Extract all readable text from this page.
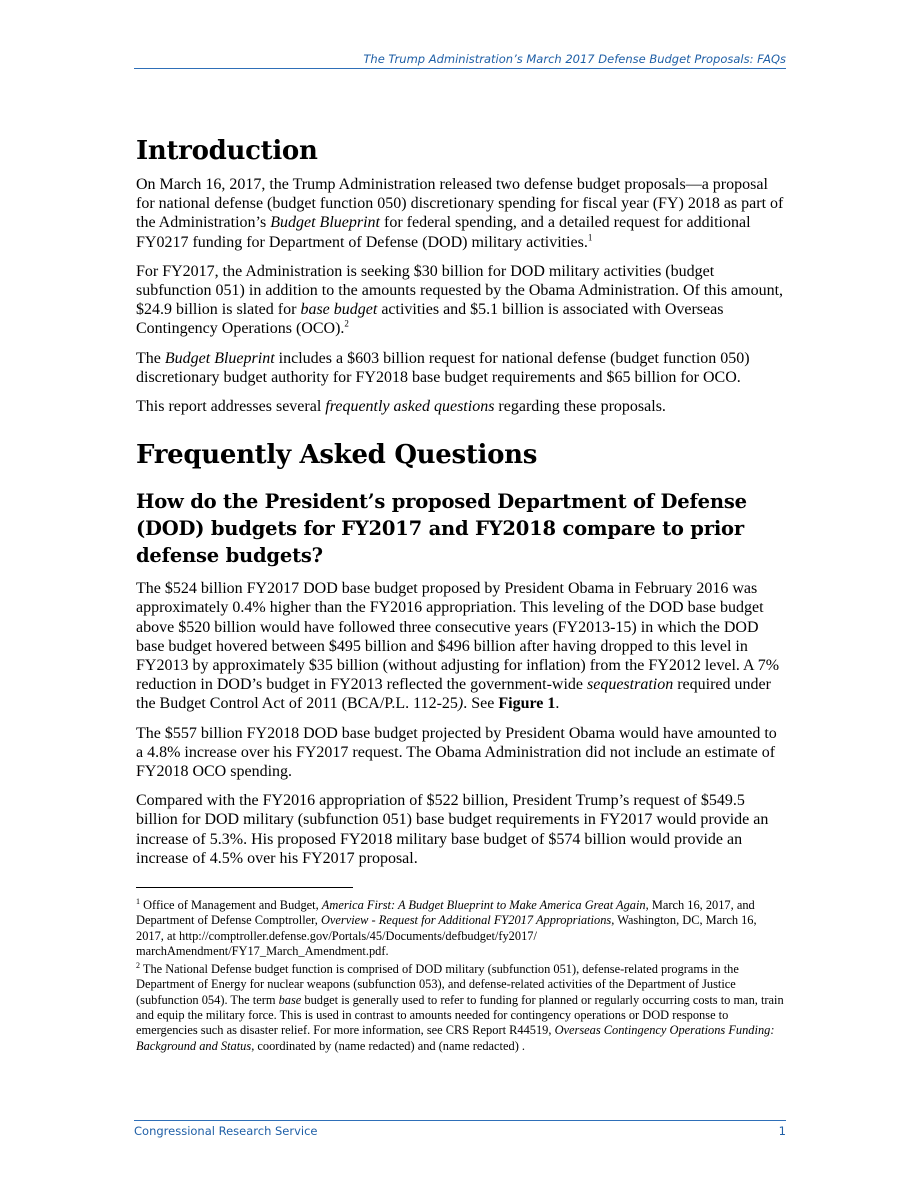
The Trump Administration’s March 2017 Defense Budget Proposals: FAQs
Introduction

On March 16, 2017, the Trump Administration released two defense budget proposals—a proposal for national defense (budget function 050) discretionary spending for fiscal year (FY) 2018 as part of the Administration’s Budget Blueprint for federal spending, and a detailed request for additional FY0217 funding for Department of Defense (DOD) military activities.$^1$

For FY2017, the Administration is seeking $30 billion for DOD military activities (budget subfunction 051) in addition to the amounts requested by the Obama Administration. Of this amount, $24.9 billion is slated for base budget activities and $5.1 billion is associated with Overseas Contingency Operations (OCO).$^2$

The Budget Blueprint includes a $603 billion request for national defense (budget function 050) discretionary budget authority for FY2018 base budget requirements and $65 billion for OCO.

This report addresses several frequently asked questions regarding these proposals.

Frequently Asked Questions
How do the President’s proposed Department of Defense (DOD) budgets for FY2017 and FY2018 compare to prior defense budgets?

The $524 billion FY2017 DOD base budget proposed by President Obama in February 2016 was approximately 0.4% higher than the FY2016 appropriation. This leveling of the DOD base budget above $520 billion would have followed three consecutive years (FY2013-15) in which the DOD base budget hovered between $495 billion and $496 billion after having dropped to this level in FY2013 by approximately $35 billion (without adjusting for inflation) from the FY2012 level. A 7% reduction in DOD’s budget in FY2013 reflected the government-wide sequestration required under the Budget Control Act of 2011 (BCA/P.L. 112-25). See Figure 1.

The $557 billion FY2018 DOD base budget projected by President Obama would have amounted to a 4.8% increase over his FY2017 request. The Obama Administration did not include an estimate of FY2018 OCO spending.

Compared with the FY2016 appropriation of $522 billion, President Trump’s request of $549.5 billion for DOD military (subfunction 051) base budget requirements in FY2017 would provide an increase of 5.3%. His proposed FY2018 military base budget of $574 billion would provide an increase of 4.5% over his FY2017 proposal.

$^1$ Office of Management and Budget, America First: A Budget Blueprint to Make America Great Again, March 16, 2017, and Department of Defense Comptroller, Overview - Request for Additional FY2017 Appropriations, Washington, DC, March 16, 2017, at http://comptroller.defense.gov/Portals/45/Documents/defbudget/fy2017/ marchAmendment/FY17_March_Amendment.pdf.

$^2$ The National Defense budget function is comprised of DOD military (subfunction 051), defense-related programs in the Department of Energy for nuclear weapons (subfunction 053), and defense-related activities of the Department of Justice (subfunction 054). The term base budget is generally used to refer to funding for planned or regularly occurring costs to man, train and equip the military force. This is used in contrast to amounts needed for contingency operations or DOD response to emergencies such as disaster relief. For more information, see CRS Report R44519, Overseas Contingency Operations Funding: Background and Status, coordinated by (name redacted) and (name redacted) .

Congressional Research Service	1
